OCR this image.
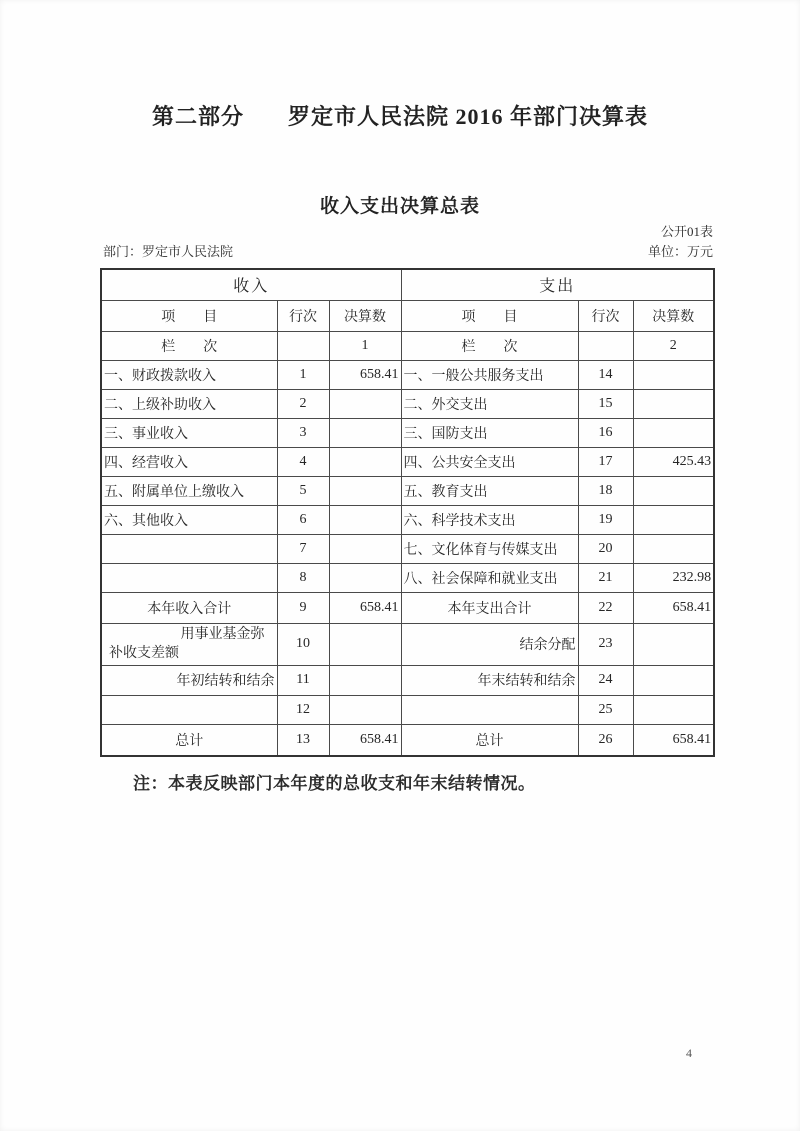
第二部分 罗定市人民法院 2016 年部门决算表
收入支出决算总表
公开01表
单位：万元
部门：罗定市人民法院
收入			支出		
项　　目	行次	决算数	项　　目	行次	决算数
栏　　次		1	栏　　次		2
一、财政拨款收入	1	658.41	一、一般公共服务支出	14	
二、上级补助收入	2		二、外交支出	15	
三、事业收入	3		三、国防支出	16	
四、经营收入	4		四、公共安全支出	17	425.43
五、附属单位上缴收入	5		五、教育支出	18	
六、其他收入	6		六、科学技术支出	19	
	7		七、文化体育与传媒支出	20	
	8		八、社会保障和就业支出	21	232.98
本年收入合计	9	658.41	本年支出合计	22	658.41

用事业基金弥
补收支差额	10		结余分配	23	
年初结转和结余	11		年末结转和结余	24	
	12			25	
总计	13	658.41	总计	26	658.41
注：本表反映部门本年度的总收支和年末结转情况。
4
